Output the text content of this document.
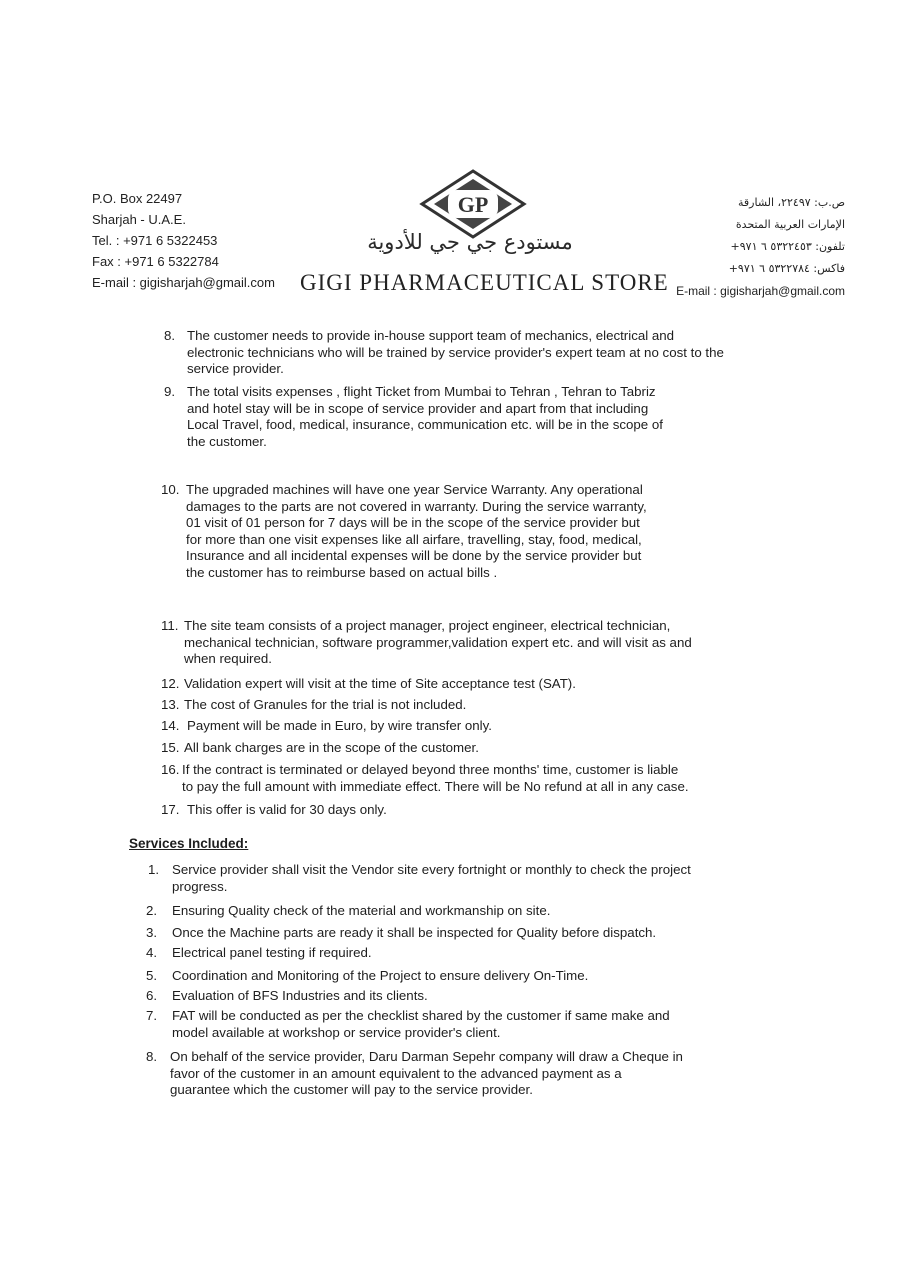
P.O. Box 22497
Sharjah - U.A.E.
Tel. : +971 6 5322453
Fax : +971 6 5322784
E-mail : gigisharjah@gmail.com
GP
مستودع جي جي للأدوية
GIGI PHARMACEUTICAL STORE
ص.ب: ٢٢٤٩٧، الشارقة
الإمارات العربية المتحدة
تلفون: ٥٣٢٢٤٥٣ ٦ ٩٧١+
فاكس: ٥٣٢٢٧٨٤ ٦ ٩٧١+
E-mail : gigisharjah@gmail.com
8. The customer needs to provide in-house support team of mechanics, electrical and
electronic technicians who will be trained by service provider's expert team at no cost to the
service provider.
9. The total visits expenses , flight Ticket from Mumbai to Tehran , Tehran to Tabriz
and hotel stay will be in scope of service provider and apart from that including
Local Travel, food, medical, insurance, communication etc. will be in the scope of
the customer.
10. The upgraded machines will have one year Service Warranty. Any operational
damages to the parts are not covered in warranty. During the service warranty,
01 visit of 01 person for 7 days will be in the scope of the service provider but
for more than one visit expenses like all airfare, travelling, stay, food, medical,
Insurance and all incidental expenses will be done by the service provider but
the customer has to reimburse based on actual bills .
11. The site team consists of a project manager, project engineer, electrical technician,
mechanical technician, software programmer,validation expert etc. and will visit as and
when required.
12. Validation expert will visit at the time of Site acceptance test (SAT).
13. The cost of Granules for the trial is not included.
14. Payment will be made in Euro, by wire transfer only.
15. All bank charges are in the scope of the customer.
16. If the contract is terminated or delayed beyond three months' time, customer is liable
to pay the full amount with immediate effect. There will be No refund at all in any case.
17. This offer is valid for 30 days only.
Services Included:
1. Service provider shall visit the Vendor site every fortnight or monthly to check the project
progress.
2. Ensuring Quality check of the material and workmanship on site.
3. Once the Machine parts are ready it shall be inspected for Quality before dispatch.
4. Electrical panel testing if required.
5. Coordination and Monitoring of the Project to ensure delivery On-Time.
6. Evaluation of BFS Industries and its clients.
7. FAT will be conducted as per the checklist shared by the customer if same make and
model available at workshop or service provider's client.
8. On behalf of the service provider, Daru Darman Sepehr company will draw a Cheque in
favor of the customer in an amount equivalent to the advanced payment as a
guarantee which the customer will pay to the service provider.
